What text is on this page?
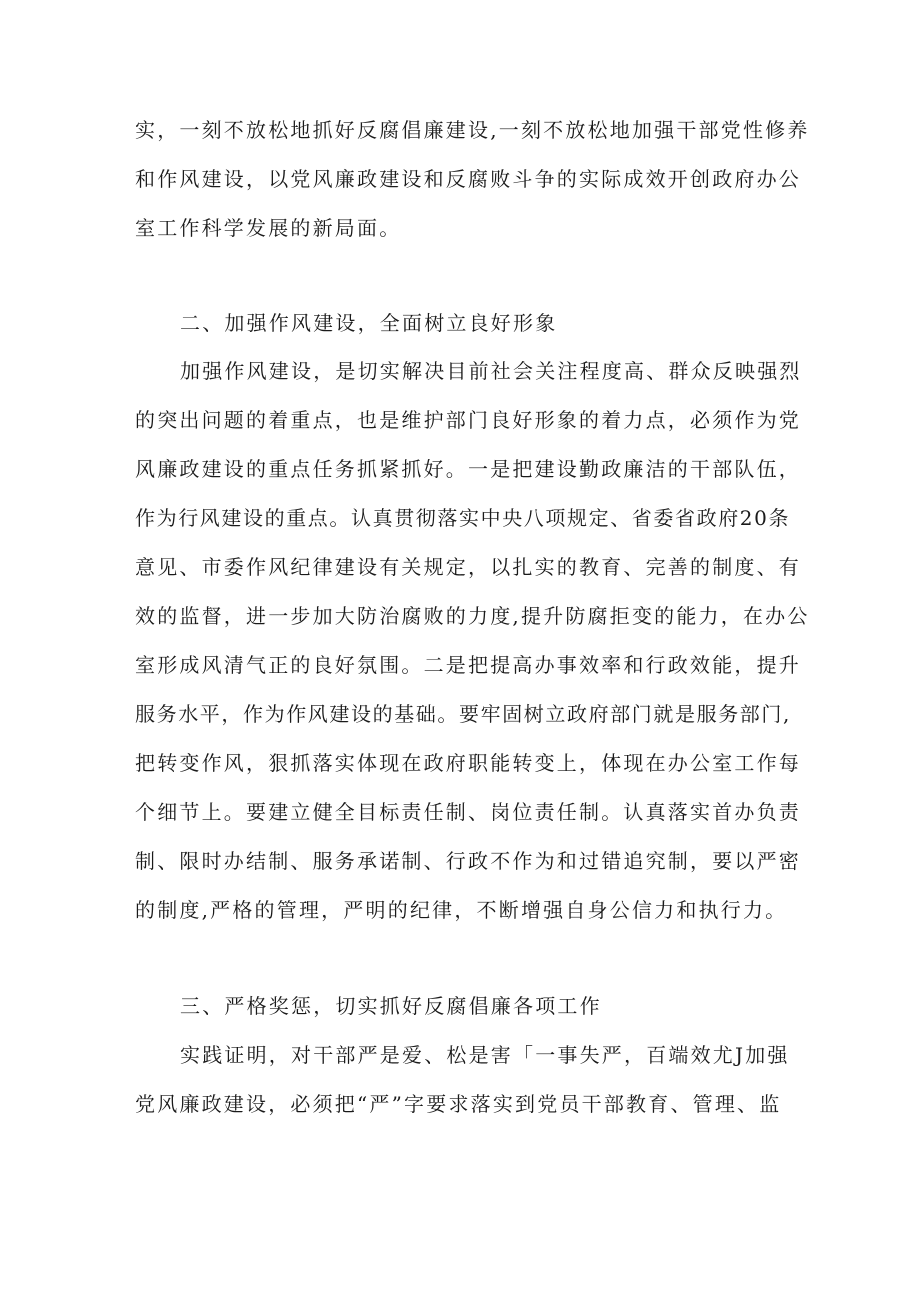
实，一刻不放松地抓好反腐倡廉建设,一刻不放松地加强干部党性修养

和作风建设，以党风廉政建设和反腐败斗争的实际成效开创政府办公

室工作科学发展的新局面。

二、加强作风建设，全面树立良好形象

加强作风建设，是切实解决目前社会关注程度高、群众反映强烈

的突出问题的着重点，也是维护部门良好形象的着力点，必须作为党

风廉政建设的重点任务抓紧抓好。一是把建设勤政廉洁的干部队伍，

作为行风建设的重点。认真贯彻落实中央八项规定、省委省政府20条

意见、市委作风纪律建设有关规定，以扎实的教育、完善的制度、有

效的监督，进一步加大防治腐败的力度,提升防腐拒变的能力，在办公

室形成风清气正的良好氛围。二是把提高办事效率和行政效能，提升

服务水平，作为作风建设的基础。要牢固树立政府部门就是服务部门,

把转变作风，狠抓落实体现在政府职能转变上，体现在办公室工作每

个细节上。要建立健全目标责任制、岗位责任制。认真落实首办负责

制、限时办结制、服务承诺制、行政不作为和过错追究制，要以严密

的制度,严格的管理，严明的纪律，不断增强自身公信力和执行力。

三、严格奖惩，切实抓好反腐倡廉各项工作

实践证明，对干部严是爱、松是害「一事失严，百端效尤J加强

党风廉政建设，必须把“严”字要求落实到党员干部教育、管理、监
